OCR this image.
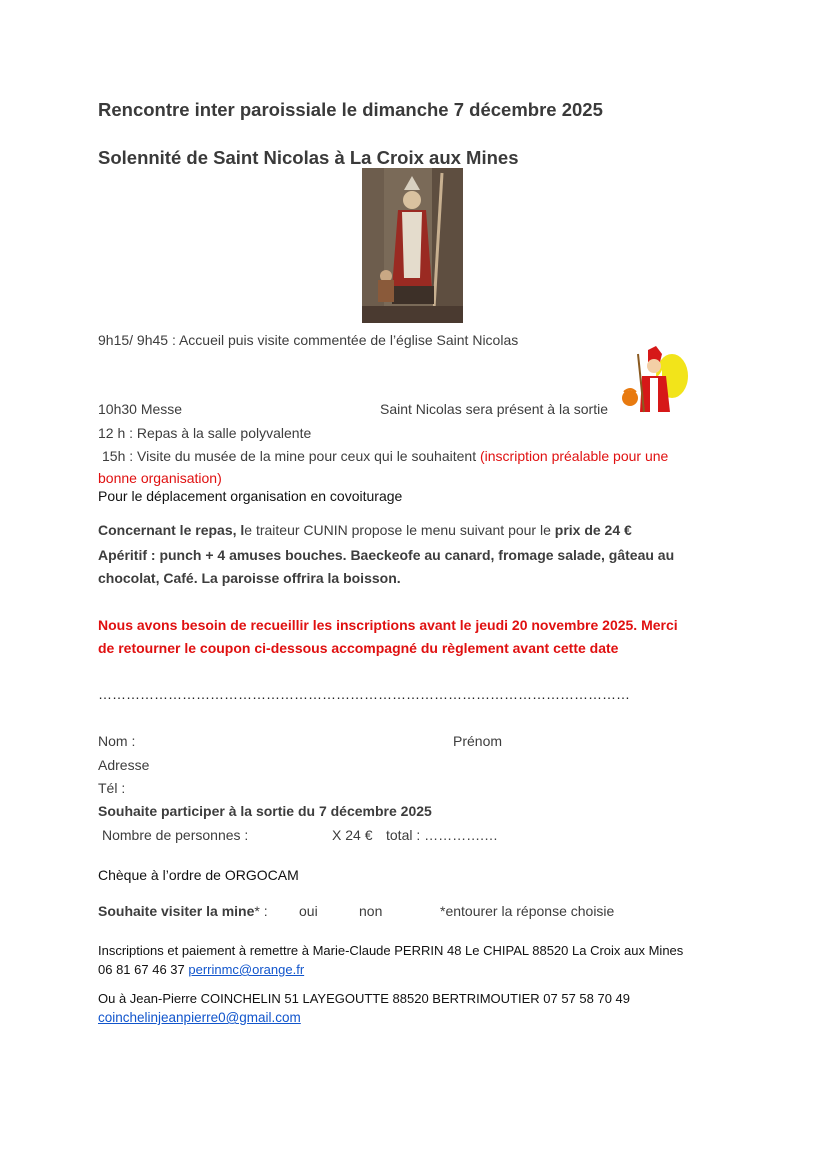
Rencontre inter paroissiale le dimanche 7 décembre 2025
Solennité de Saint Nicolas à La Croix aux Mines
9h15/ 9h45 : Accueil puis visite commentée de l’église Saint Nicolas
10h30 Messe	Saint Nicolas sera présent à la sortie
12 h : Repas à la salle polyvalente
15h : Visite du musée de la mine pour ceux qui le souhaitent (inscription préalable pour une
bonne organisation)
Pour le déplacement organisation en covoiturage
Concernant le repas, le traiteur CUNIN propose le menu suivant pour le prix de 24 €
Apéritif : punch + 4 amuses bouches. Baeckeofe au canard, fromage salade, gâteau au
chocolat, Café. La paroisse offrira la boisson.
Nous avons besoin de recueillir les inscriptions avant le jeudi 20 novembre 2025. Merci
de retourner le coupon ci-dessous accompagné du règlement avant cette date
……………………………………………………………………………………………………
Nom :	Prénom
Adresse
Tél :
Souhaite participer à la sortie du 7 décembre 2025
Nombre de personnes :	X 24 € total : ………….…
Chèque à l’ordre de ORGOCAM
Souhaite visiter la mine* : oui	non	*entourer la réponse choisie
Inscriptions et paiement à remettre à Marie-Claude PERRIN 48 Le CHIPAL 88520 La Croix aux Mines
06 81 67 46 37 perrinmc@orange.fr
Ou à Jean-Pierre COINCHELIN 51 LAYEGOUTTE 88520 BERTRIMOUTIER 07 57 58 70 49
coinchelinjeanpierre0@gmail.com
